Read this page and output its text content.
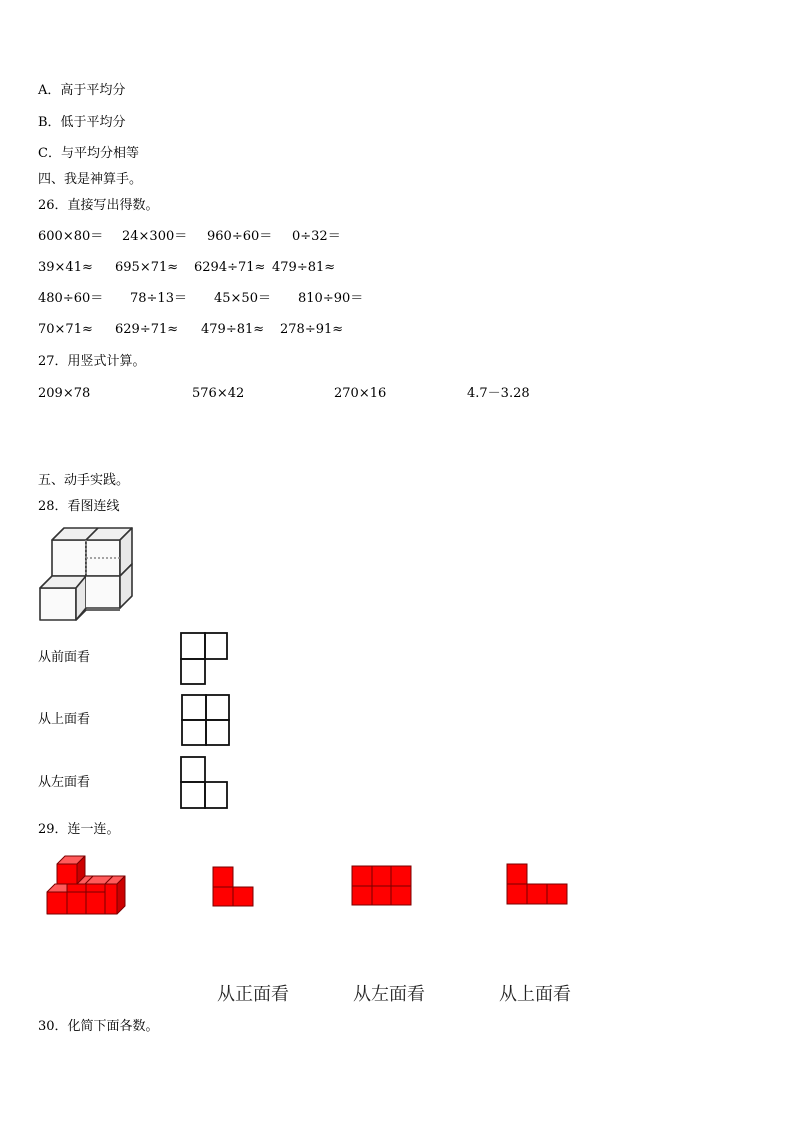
A．高于平均分
B．低于平均分
C．与平均分相等
四、我是神算手。
26．直接写出得数。
600×80＝ 24×300＝ 960÷60＝ 0÷32＝
39×41≈ 695×71≈ 6294÷71≈ 479÷81≈
480÷60＝ 78÷13＝ 45×50＝ 810÷90＝
70×71≈ 629÷71≈ 479÷81≈ 278÷91≈
27．用竖式计算。
209×78	576×42	270×16	4.7－3.28
五、动手实践。
28．看图连线
从前面看
从上面看
从左面看
29．连一连。
从正面看	从左面看	从上面看
30．化简下面各数。
